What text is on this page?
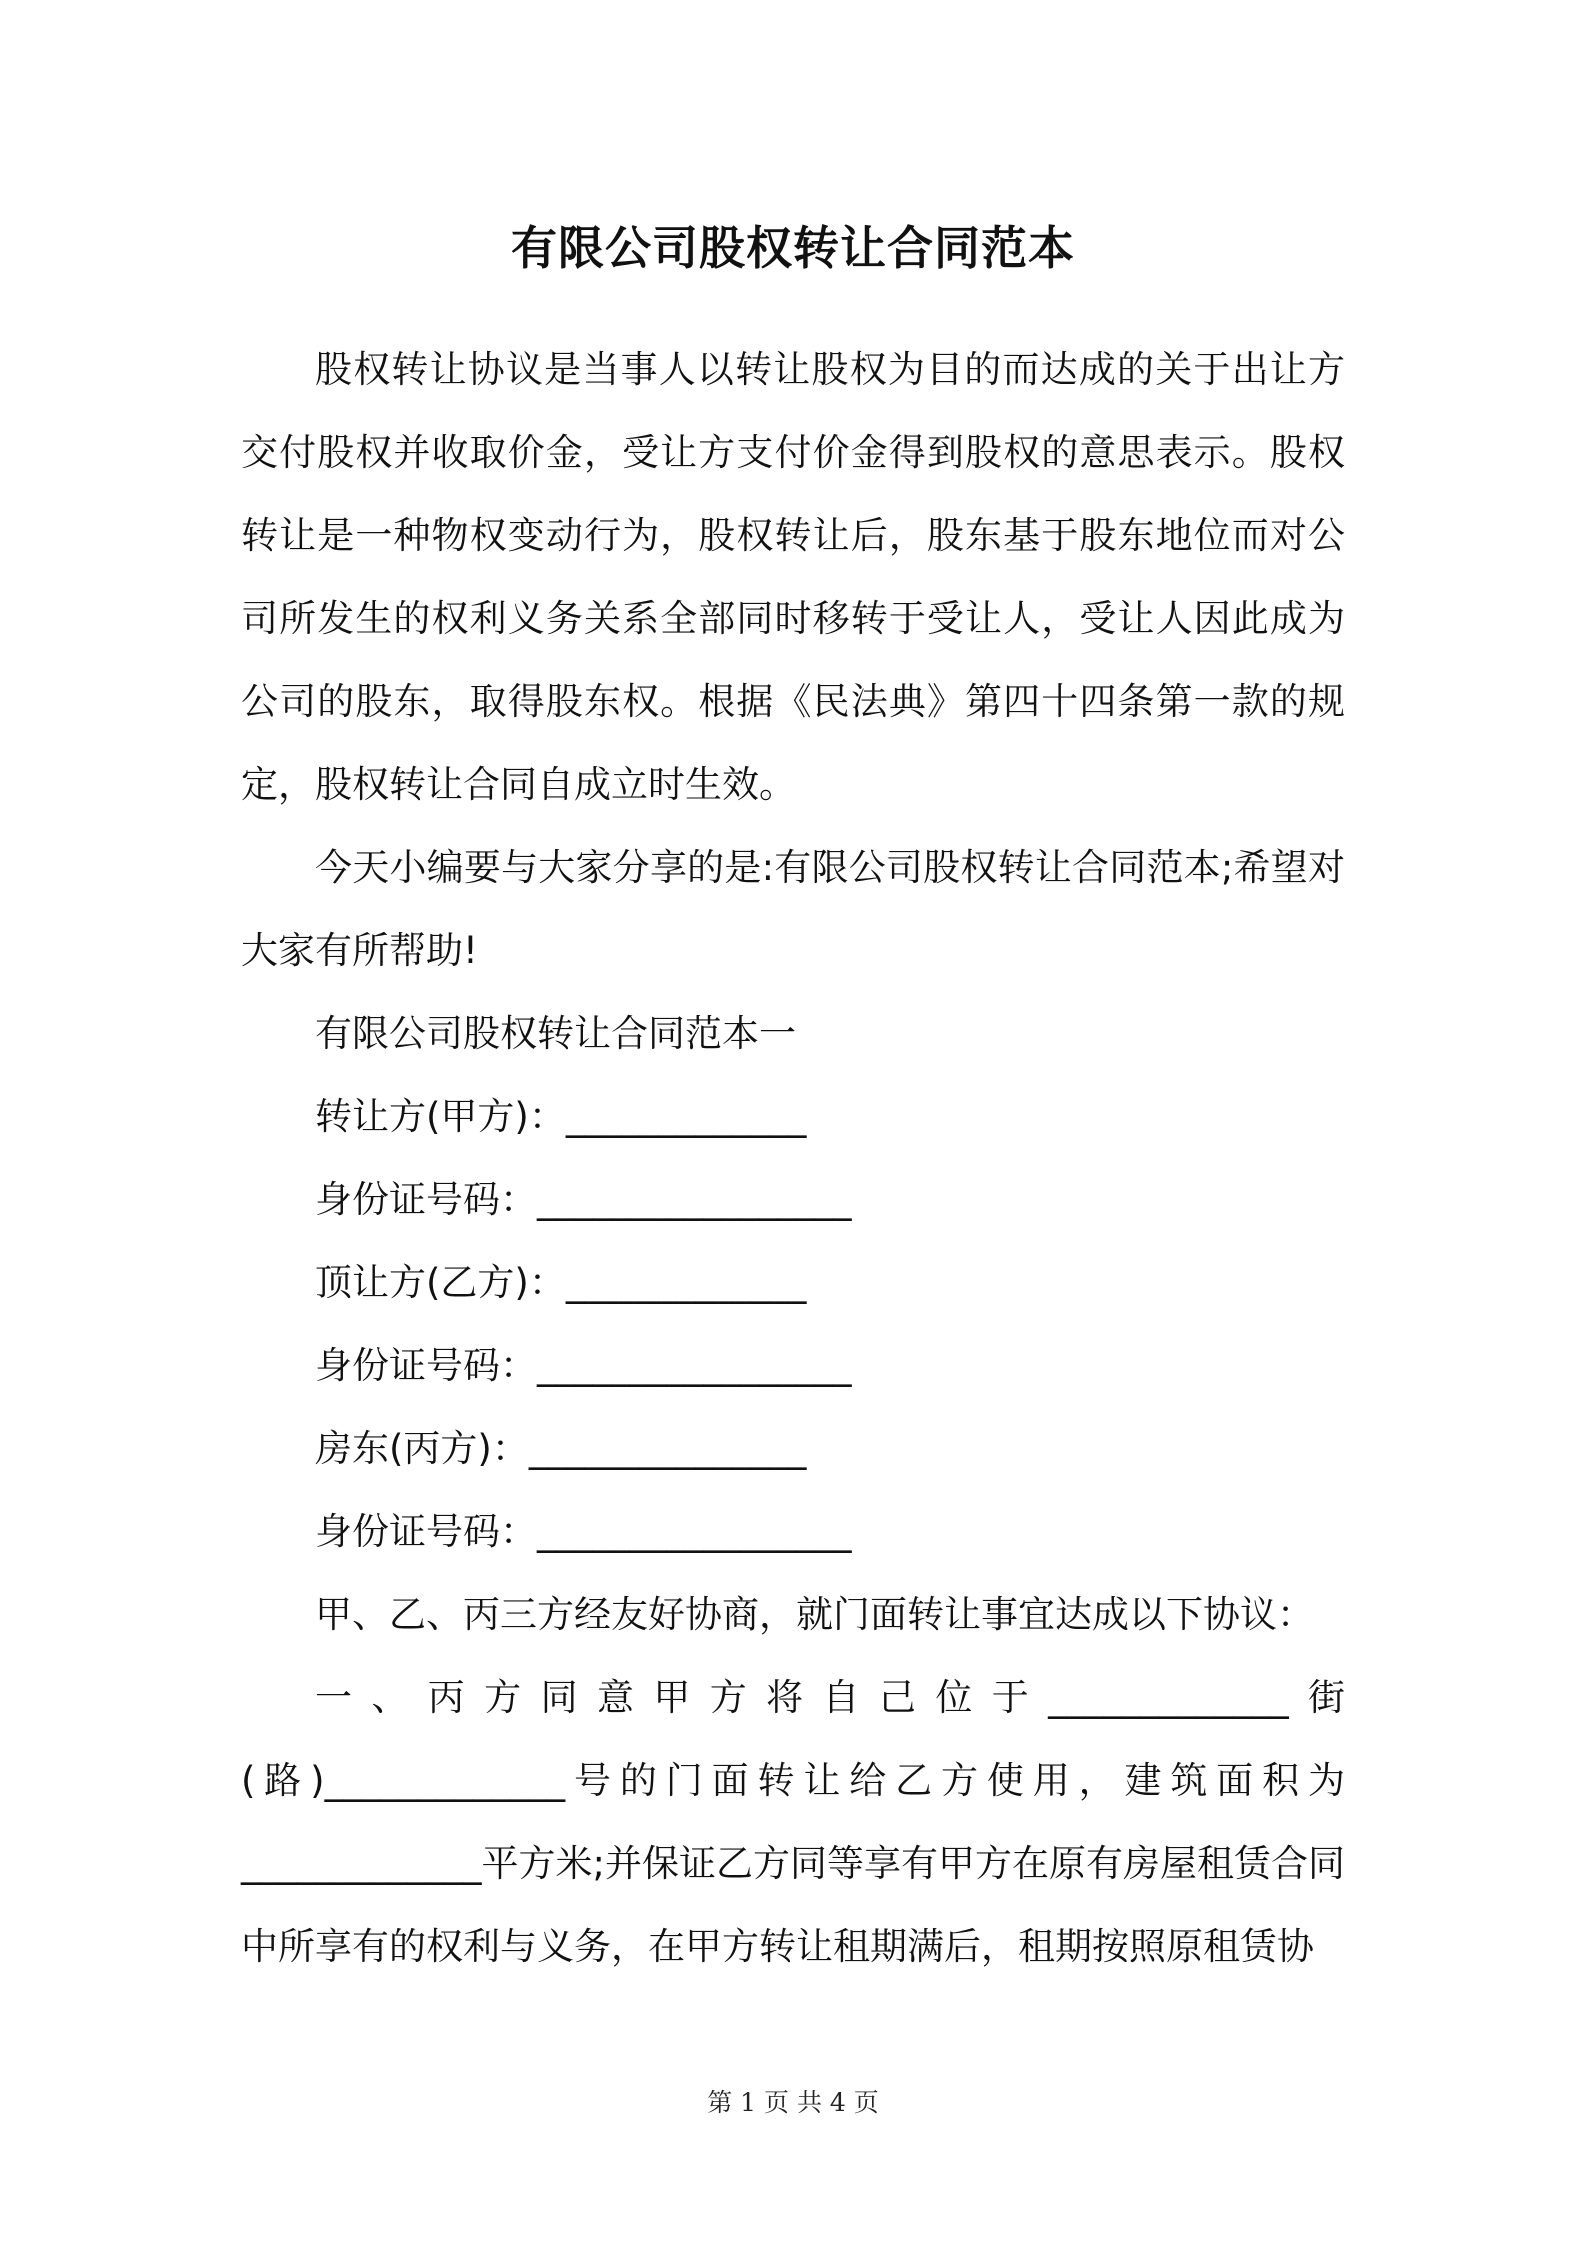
有限公司股权转让合同范本

股权转让协议是当事人以转让股权为目的而达成的关于出让方交付股权并收取价金，受让方支付价金得到股权的意思表示。股权转让是一种物权变动行为，股权转让后，股东基于股东地位而对公司所发生的权利义务关系全部同时移转于受让人，受让人因此成为公司的股东，取得股东权。根据《民法典》第四十四条第一款的规定，股权转让合同自成立时生效。

今天小编要与大家分享的是:有限公司股权转让合同范本;希望对大家有所帮助!

有限公司股权转让合同范本一

转让方(甲方)：_____________

身份证号码：_________________

顶让方(乙方)：_____________

身份证号码：_________________

房东(丙方)：_______________

身份证号码：_________________

甲、乙、丙三方经友好协商，就门面转让事宜达成以下协议：

一、丙方同意甲方将自己位于_____________街

(路)_____________号的门面转让给乙方使用，建筑面积为

_____________平方米;并保证乙方同等享有甲方在原有房屋租赁合同中所享有的权利与义务，在甲方转让租期满后，租期按照原租赁协

第 1 页 共 4 页
